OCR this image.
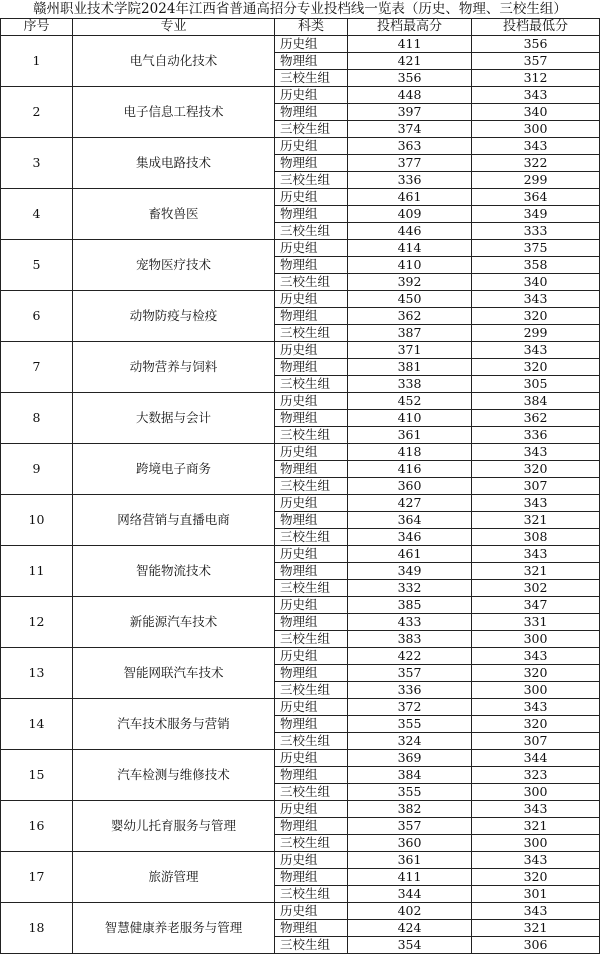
赣州职业技术学院2024年江西省普通高招分专业投档线一览表（历史、物理、三校生组）
序号	专业	科类	投档最高分	投档最低分
1	电气自动化技术	历史组	411	356
		物理组	421	357
		三校生组	356	312
2	电子信息工程技术	历史组	448	343
		物理组	397	340
		三校生组	374	300
3	集成电路技术	历史组	363	343
		物理组	377	322
		三校生组	336	299
4	畜牧兽医	历史组	461	364
		物理组	409	349
		三校生组	446	333
5	宠物医疗技术	历史组	414	375
		物理组	410	358
		三校生组	392	340
6	动物防疫与检疫	历史组	450	343
		物理组	362	320
		三校生组	387	299
7	动物营养与饲料	历史组	371	343
		物理组	381	320
		三校生组	338	305
8	大数据与会计	历史组	452	384
		物理组	410	362
		三校生组	361	336
9	跨境电子商务	历史组	418	343
		物理组	416	320
		三校生组	360	307
10	网络营销与直播电商	历史组	427	343
		物理组	364	321
		三校生组	346	308
11	智能物流技术	历史组	461	343
		物理组	349	321
		三校生组	332	302
12	新能源汽车技术	历史组	385	347
		物理组	433	331
		三校生组	383	300
13	智能网联汽车技术	历史组	422	343
		物理组	357	320
		三校生组	336	300
14	汽车技术服务与营销	历史组	372	343
		物理组	355	320
		三校生组	324	307
15	汽车检测与维修技术	历史组	369	344
		物理组	384	323
		三校生组	355	300
16	婴幼儿托育服务与管理	历史组	382	343
		物理组	357	321
		三校生组	360	300
17	旅游管理	历史组	361	343
		物理组	411	320
		三校生组	344	301
18	智慧健康养老服务与管理	历史组	402	343
		物理组	424	321
		三校生组	354	306
